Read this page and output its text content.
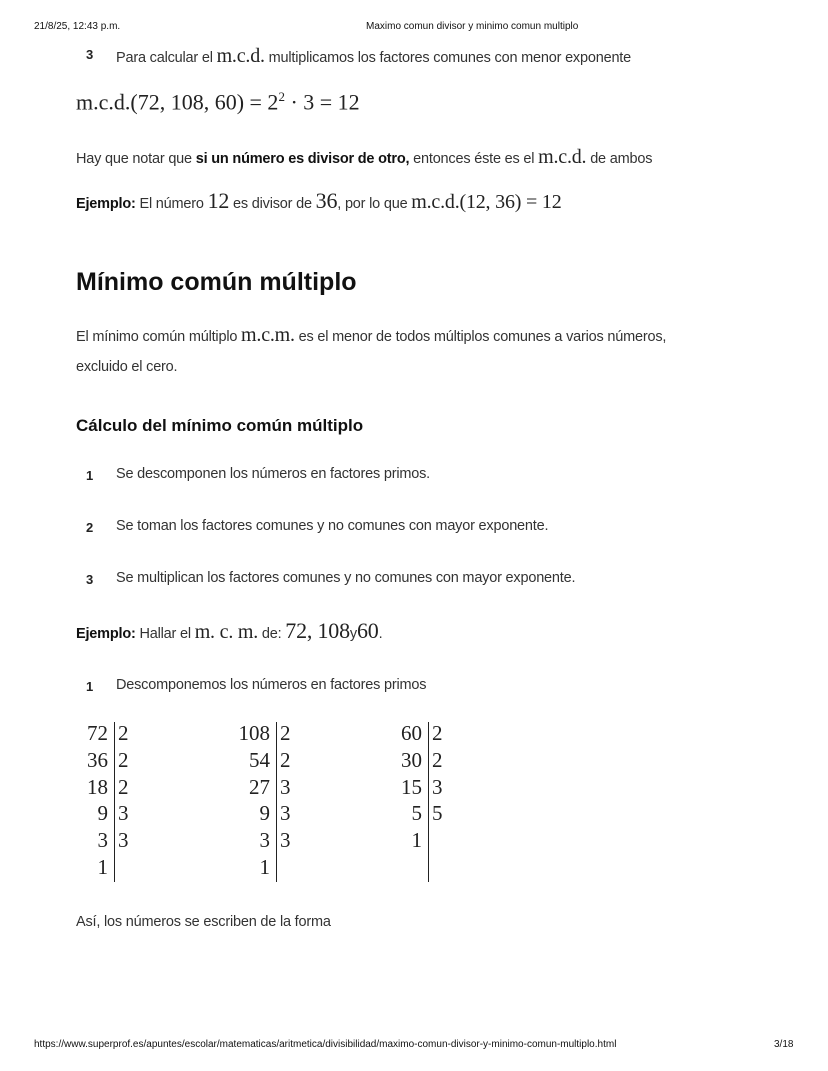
21/8/25, 12:43 p.m.	Maximo comun divisor y minimo comun multiplo
3 Para calcular el m.c.d. multiplicamos los factores comunes con menor exponente
m.c.d.(72, 108, $60) = 2^2 \cdot 3 = 12$
Hay que notar que si un número es divisor de otro, entonces éste es el m.c.d. de ambos
Ejemplo: El número 12 es divisor de 36, por lo que m.c.d.(12, 36) = 12
Mínimo común múltiplo
El mínimo común múltiplo m.c.m. es el menor de todos múltiplos comunes a varios números,
excluido el cero.
Cálculo del mínimo común múltiplo
1 Se descomponen los números en factores primos.
2 Se toman los factores comunes y no comunes con mayor exponente.
3 Se multiplican los factores comunes y no comunes con mayor exponente.
Ejemplo: Hallar el m. c. m. de: 72, 108y60.
1 Descomponemos los números en factores primos
72 2
36 2
18 2
9 3
3 3
1
108 2
54 2
27 3
9 3
3 3
1
60 2
30 2
15 3
5 5
1
Así, los números se escriben de la forma
https://www.superprof.es/apuntes/escolar/matematicas/aritmetica/divisibilidad/maximo-comun-divisor-y-minimo-comun-multiplo.html	3/18
